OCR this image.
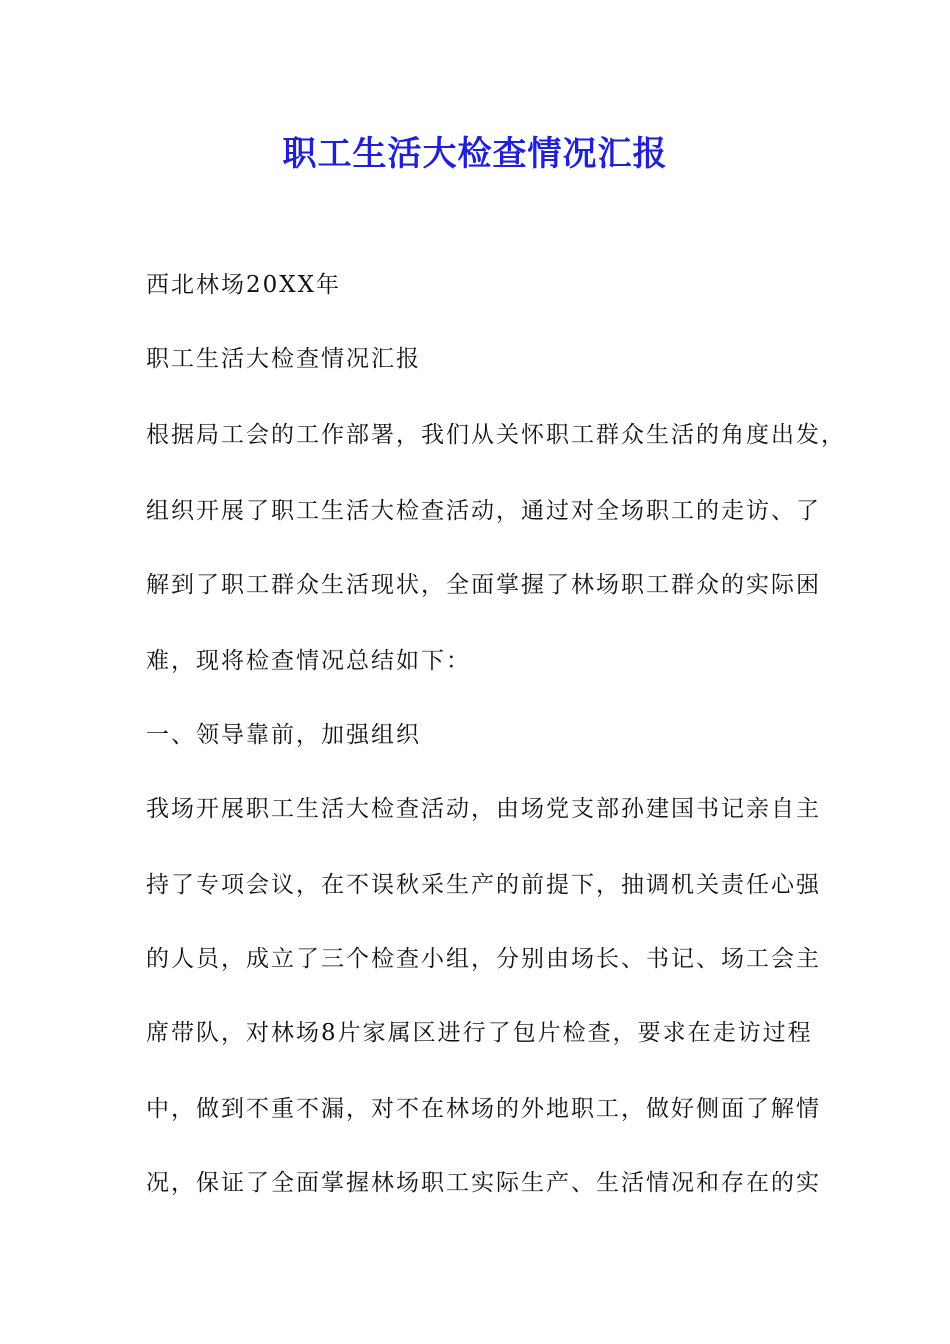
职工生活大检查情况汇报

西北林场20XX年

职工生活大检查情况汇报

根据局工会的工作部署，我们从关怀职工群众生活的角度出发，

组织开展了职工生活大检查活动，通过对全场职工的走访、了

解到了职工群众生活现状，全面掌握了林场职工群众的实际困

难，现将检查情况总结如下：

一、领导靠前，加强组织

我场开展职工生活大检查活动，由场党支部孙建国书记亲自主

持了专项会议，在不误秋采生产的前提下，抽调机关责任心强

的人员，成立了三个检查小组，分别由场长、书记、场工会主

席带队，对林场8片家属区进行了包片检查，要求在走访过程

中，做到不重不漏，对不在林场的外地职工，做好侧面了解情

况，保证了全面掌握林场职工实际生产、生活情况和存在的实
